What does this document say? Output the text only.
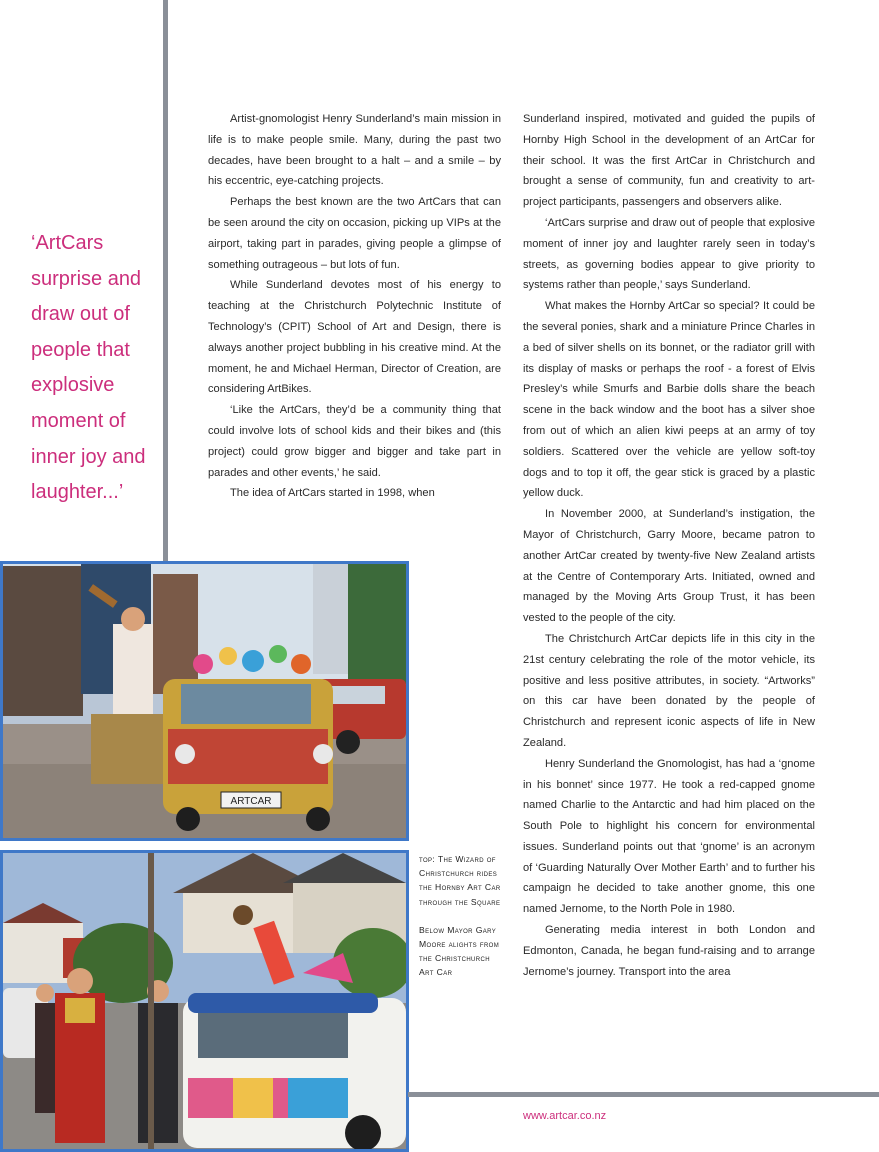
‘ArtCars surprise and draw out of people that explosive moment of inner joy and laughter...’

Artist-gnomologist Henry Sunderland’s main mission in life is to make people smile. Many, during the past two decades, have been brought to a halt – and a smile – by his eccentric, eye-catching projects.

Perhaps the best known are the two ArtCars that can be seen around the city on occasion, picking up VIPs at the airport, taking part in parades, giving people a glimpse of something outrageous – but lots of fun.

While Sunderland devotes most of his energy to teaching at the Christchurch Polytechnic Institute of Technology’s (CPIT) School of Art and Design, there is always another project bubbling in his creative mind. At the moment, he and Michael Herman, Director of Creation, are considering ArtBikes.

‘Like the ArtCars, they’d be a community thing that could involve lots of school kids and their bikes and (this project) could grow bigger and bigger and take part in parades and other events,’ he said.

The idea of ArtCars started in 1998, when

Sunderland inspired, motivated and guided the pupils of Hornby High School in the development of an ArtCar for their school. It was the first ArtCar in Christchurch and brought a sense of community, fun and creativity to art-project participants, passengers and observers alike.

‘ArtCars surprise and draw out of people that explosive moment of inner joy and laughter rarely seen in today’s streets, as governing bodies appear to give priority to systems rather than people,’ says Sunderland.

What makes the Hornby ArtCar so special? It could be the several ponies, shark and a miniature Prince Charles in a bed of silver shells on its bonnet, or the radiator grill with its display of masks or perhaps the roof - a forest of Elvis Presley’s while Smurfs and Barbie dolls share the beach scene in the back window and the boot has a silver shoe from out of which an alien kiwi peeps at an army of toy soldiers. Scattered over the vehicle are yellow soft-toy dogs and to top it off, the gear stick is graced by a plastic yellow duck.

In November 2000, at Sunderland’s instigation, the Mayor of Christchurch, Garry Moore, became patron to another ArtCar created by twenty-five New Zealand artists at the Centre of Contemporary Arts. Initiated, owned and managed by the Moving Arts Group Trust, it has been vested to the people of the city.

The Christchurch ArtCar depicts life in this city in the 21st century celebrating the role of the motor vehicle, its positive and less positive attributes, in society. “Artworks” on this car have been donated by the people of Christchurch and represent iconic aspects of life in New Zealand.

Henry Sunderland the Gnomologist, has had a ‘gnome in his bonnet’ since 1977. He took a red-capped gnome named Charlie to the Antarctic and had him placed on the South Pole to highlight his concern for environmental issues. Sunderland points out that ‘gnome’ is an acronym of ‘Guarding Naturally Over Mother Earth’ and to further his campaign he decided to take another gnome, this one named Jernome, to the North Pole in 1980.

Generating media interest in both London and Edmonton, Canada, he began fund-raising and to arrange Jernome’s journey. Transport into the area

ARTCAR

top: The Wizard of Christchurch rides the Hornby Art Car through the Square

Below Mayor Gary Moore alights from the Christchurch Art Car

www.artcar.co.nz
